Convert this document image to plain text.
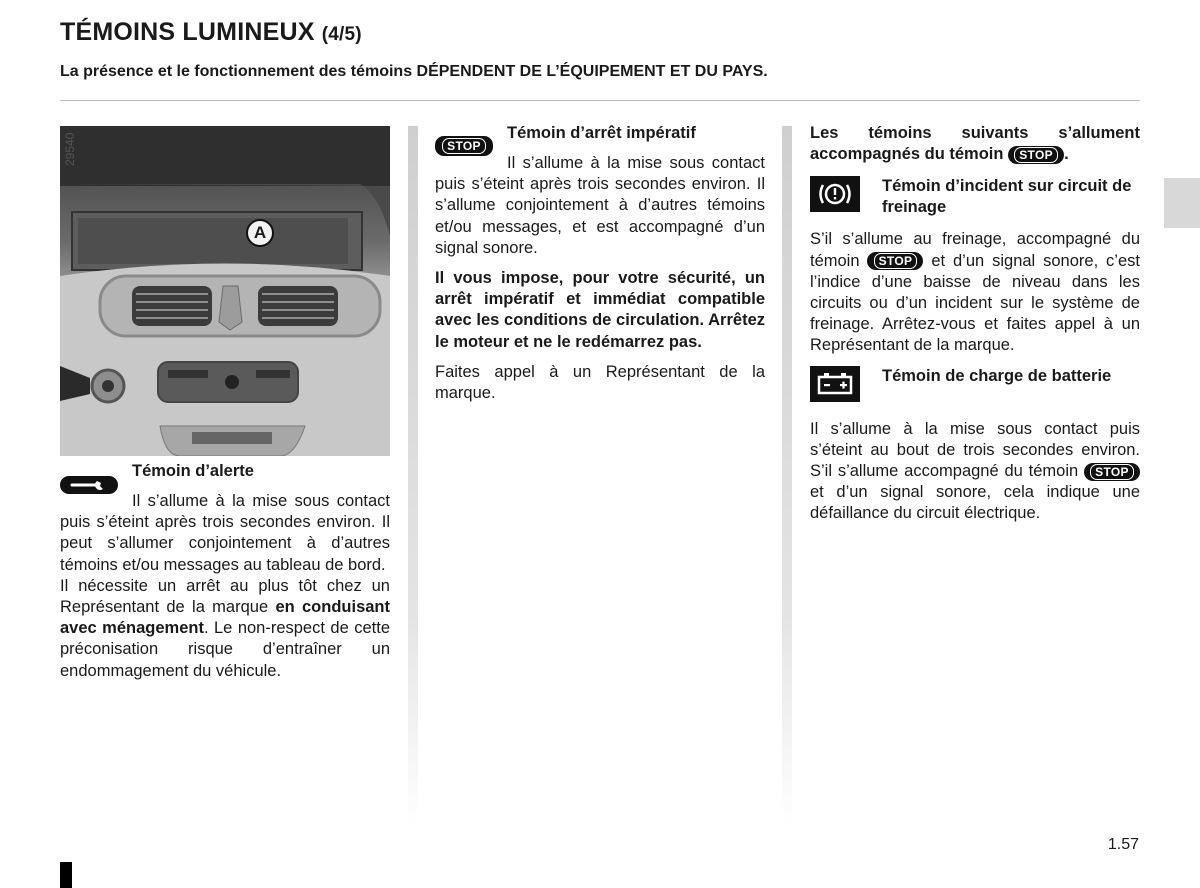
TÉMOINS LUMINEUX (4/5)

La présence et le fonctionnement des témoins DÉPENDENT DE L’ÉQUIPEMENT ET DU PAYS.

29540
A
Témoin d’alerte

Il s’allume à la mise sous contact puis s’éteint après trois secondes environ. Il peut s’allumer conjointement à d’autres témoins et/ou messages au tableau de bord.

Il nécessite un arrêt au plus tôt chez un Représentant de la marque en conduisant avec ménagement. Le non-respect de cette préconisation risque d’entraîner un endommagement du véhicule.

STOP
Témoin d’arrêt impératif

Il s’allume à la mise sous contact puis s’éteint après trois secondes environ. Il s’allume conjointement à d’autres témoins et/ou messages, et est accompagné d’un signal sonore.

Il vous impose, pour votre sécurité, un arrêt impératif et immédiat compatible avec les conditions de circulation. Arrêtez le moteur et ne le redémarrez pas.

Faites appel à un Représentant de la marque.

Les témoins suivants s’allument accompagnés du témoin	STOP .

Témoin d’incident sur circuit de freinage

S’il s’allume au freinage, accompagné du témoin	STOP	et d’un signal sonore, c’est l’indice d’une baisse de niveau dans les circuits ou d’un incident sur le système de freinage. Arrêtez-vous et faites appel à un Représentant de la marque.

Témoin de charge de batterie

Il s’allume à la mise sous contact puis s’éteint au bout de trois secondes environ. S’il s’allume accompagné du témoin	STOP
et d’un signal sonore, cela indique une défaillance du circuit électrique.

1.57
